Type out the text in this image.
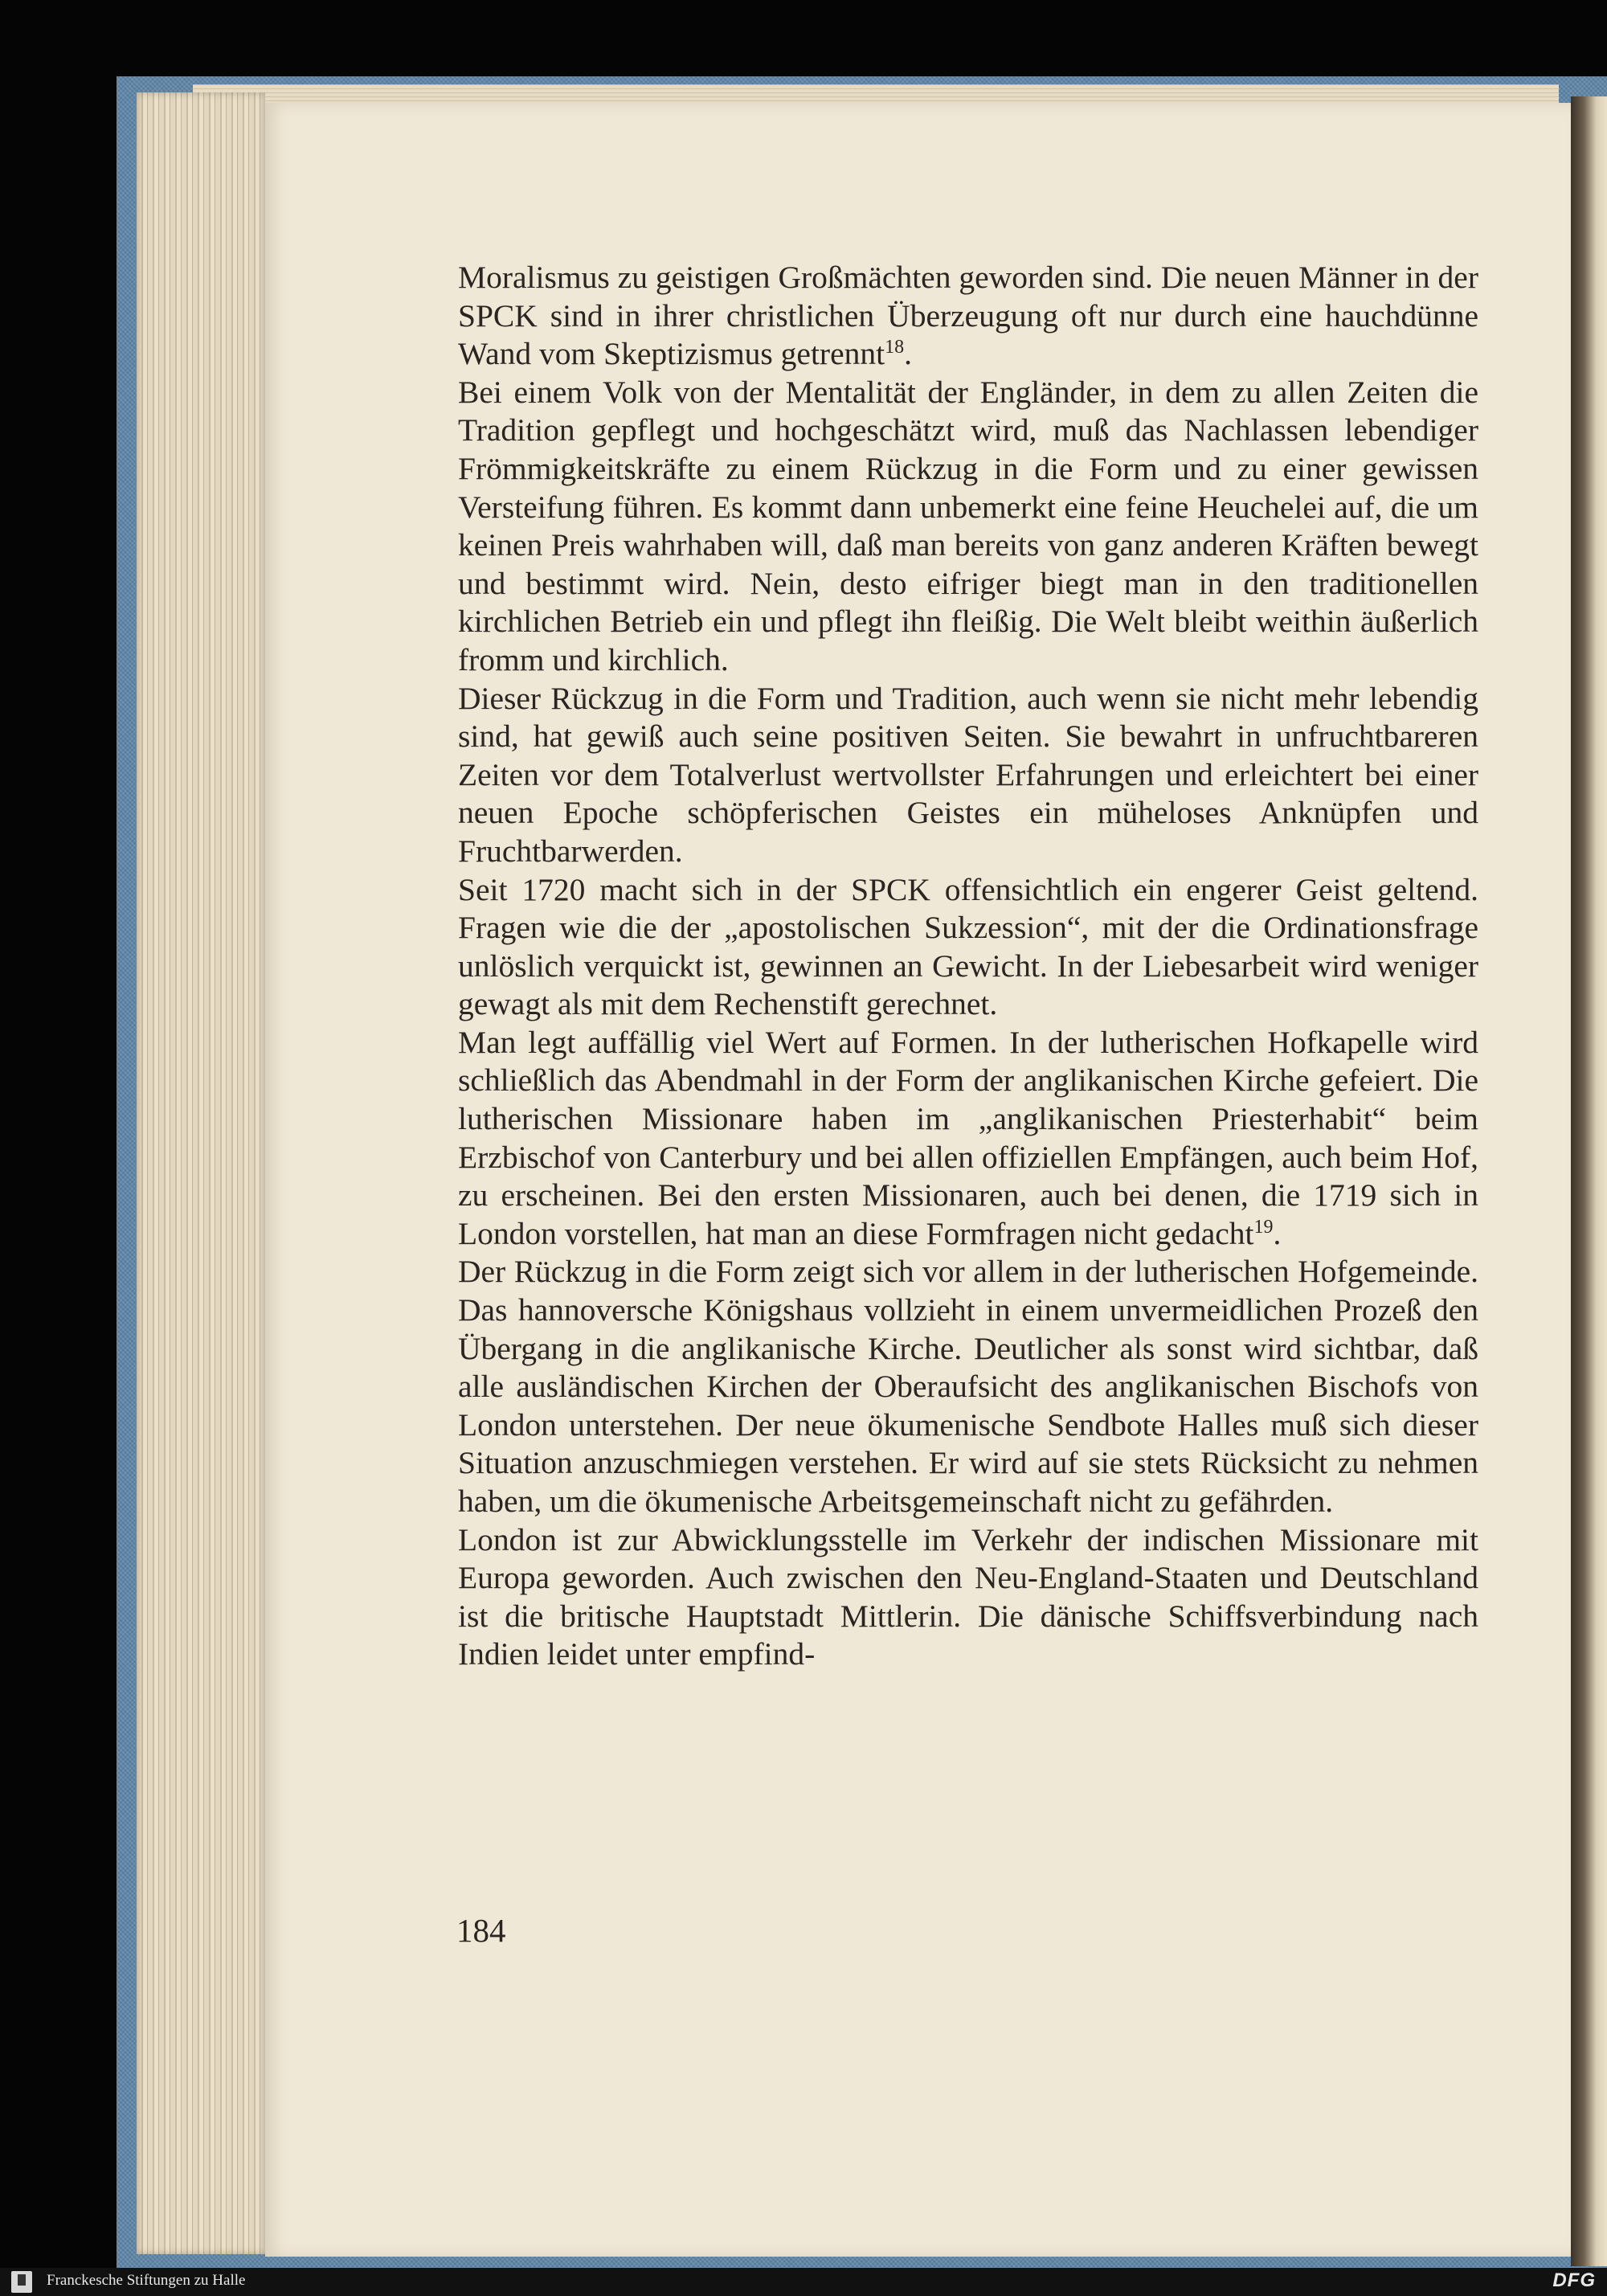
Moralismus zu geistigen Großmächten geworden sind. Die neuen Männer in der SPCK sind in ihrer christlichen Überzeugung oft nur durch eine hauchdünne Wand vom Skeptizismus getrennt$^{18}$.

Bei einem Volk von der Mentalität der Engländer, in dem zu allen Zeiten die Tradition gepflegt und hochgeschätzt wird, muß das Nachlassen lebendiger Frömmigkeitskräfte zu einem Rückzug in die Form und zu einer gewissen Versteifung führen. Es kommt dann unbemerkt eine feine Heuchelei auf, die um keinen Preis wahrhaben will, daß man bereits von ganz anderen Kräften bewegt und bestimmt wird. Nein, desto eifriger biegt man in den traditionellen kirchlichen Betrieb ein und pflegt ihn fleißig. Die Welt bleibt weithin äußerlich fromm und kirchlich.

Dieser Rückzug in die Form und Tradition, auch wenn sie nicht mehr lebendig sind, hat gewiß auch seine positiven Seiten. Sie bewahrt in unfruchtbareren Zeiten vor dem Totalverlust wertvollster Erfahrungen und erleichtert bei einer neuen Epoche schöpferischen Geistes ein müheloses Anknüpfen und Fruchtbarwerden.

Seit 1720 macht sich in der SPCK offensichtlich ein engerer Geist geltend. Fragen wie die der „apostolischen Sukzession“, mit der die Ordinationsfrage unlöslich verquickt ist, gewinnen an Gewicht. In der Liebesarbeit wird weniger gewagt als mit dem Rechenstift gerechnet.

Man legt auffällig viel Wert auf Formen. In der lutherischen Hofkapelle wird schließlich das Abendmahl in der Form der anglikanischen Kirche gefeiert. Die lutherischen Missionare haben im „anglikanischen Priesterhabit“ beim Erzbischof von Canterbury und bei allen offiziellen Empfängen, auch beim Hof, zu erscheinen. Bei den ersten Missionaren, auch bei denen, die 1719 sich in London vorstellen, hat man an diese Formfragen nicht gedacht$^{19}$.

Der Rückzug in die Form zeigt sich vor allem in der lutherischen Hofgemeinde. Das hannoversche Königshaus vollzieht in einem unvermeidlichen Prozeß den Übergang in die anglikanische Kirche. Deutlicher als sonst wird sichtbar, daß alle ausländischen Kirchen der Oberaufsicht des anglikanischen Bischofs von London unterstehen. Der neue ökumenische Sendbote Halles muß sich dieser Situation anzuschmiegen verstehen. Er wird auf sie stets Rücksicht zu nehmen haben, um die ökumenische Arbeitsgemeinschaft nicht zu gefährden.

London ist zur Abwicklungsstelle im Verkehr der indischen Missionare mit Europa geworden. Auch zwischen den Neu-England-Staaten und Deutschland ist die britische Hauptstadt Mittlerin. Die dänische Schiffsverbindung nach Indien leidet unter empfind-

184
Franckesche Stiftungen zu Halle	DFG
